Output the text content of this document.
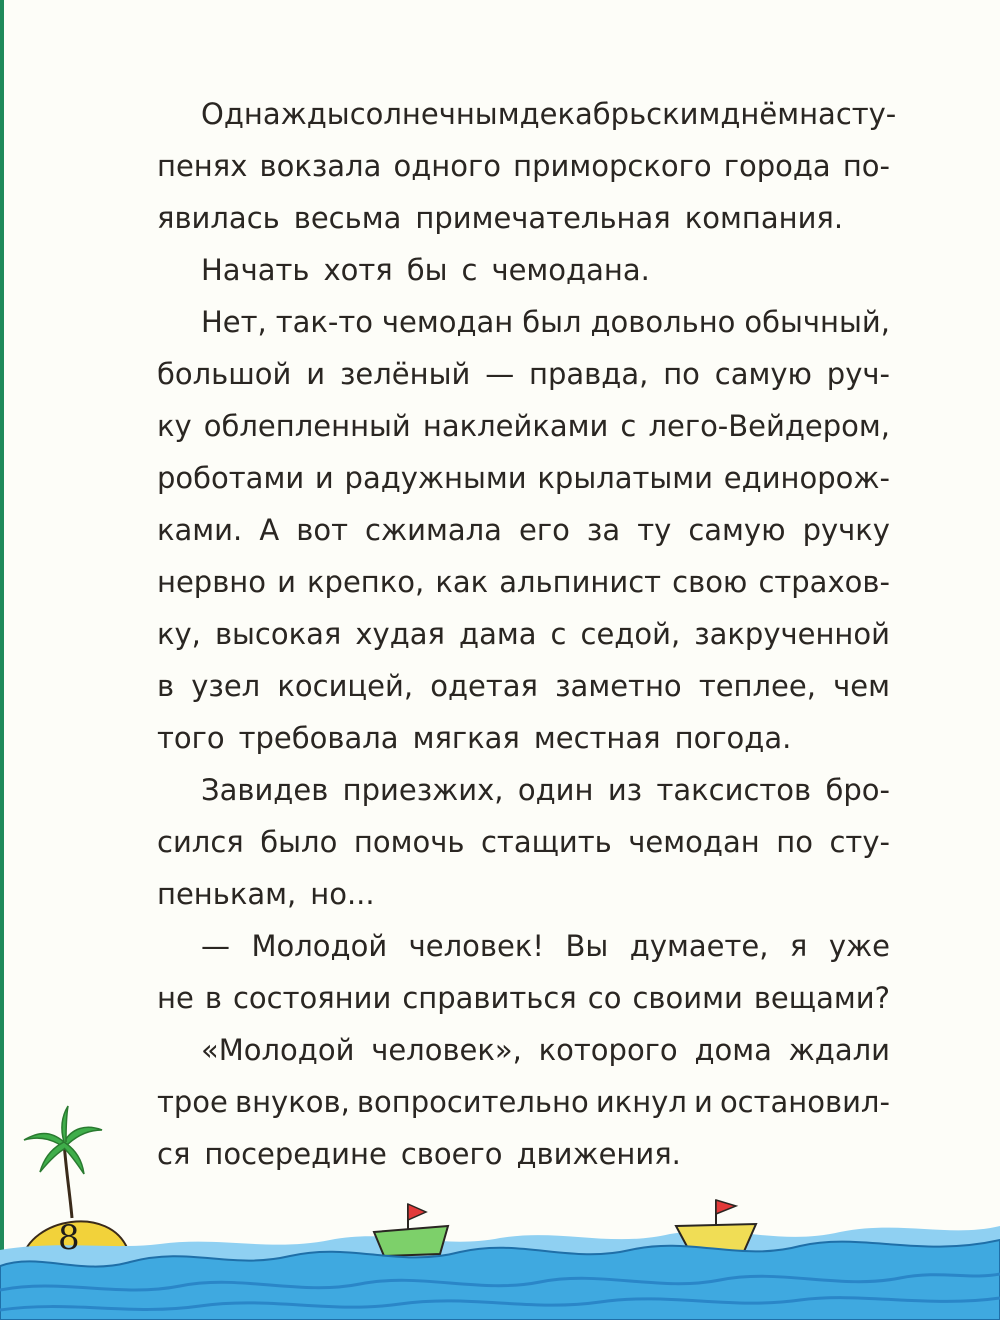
Однажды солнечным декабрьским днём на сту-
пенях вокзала одного приморского города по-
явилась весьма примечательная компания.
Начать хотя бы с чемодана.
Нет, так-то чемодан был довольно обычный,
большой и зелёный — правда, по самую руч-
ку облепленный наклейками с лего-Вейдером,
роботами и радужными крылатыми единорож-
ками. А вот сжимала его за ту самую ручку
нервно и крепко, как альпинист свою страхов-
ку, высокая худая дама с седой, закрученной
в узел косицей, одетая заметно теплее, чем
того требовала мягкая местная погода.
Завидев приезжих, один из таксистов бро-
сился было помочь стащить чемодан по сту-
пенькам, но...
— Молодой человек! Вы думаете, я уже
не в состоянии справиться со своими вещами?
«Молодой человек», которого дома ждали
трое внуков, вопросительно икнул и остановил-
ся посередине своего движения.
8
